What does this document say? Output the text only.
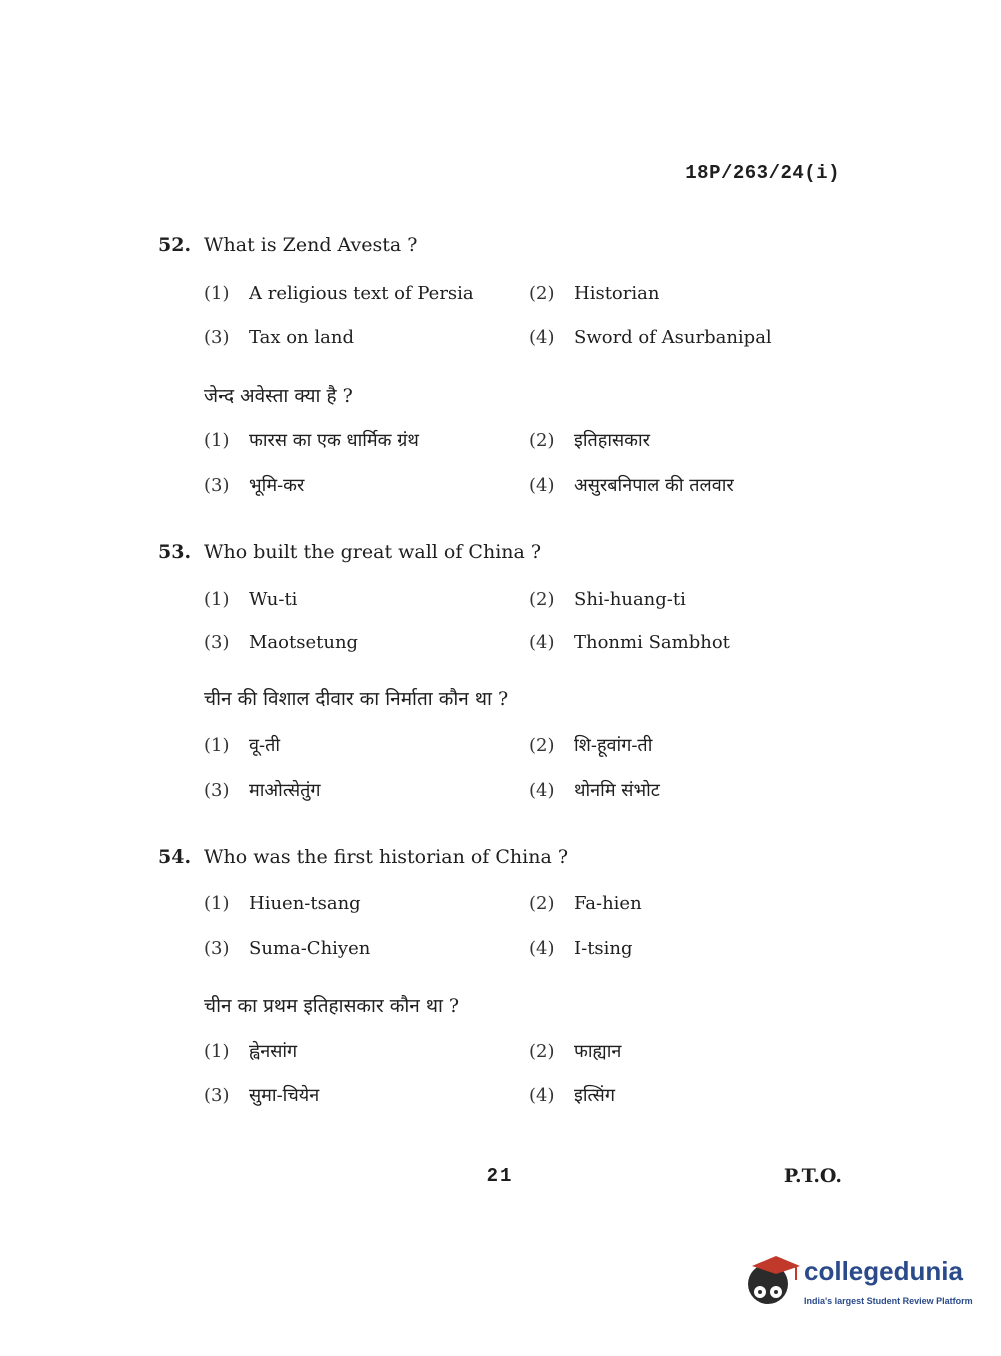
18P/263/24(i)
52. What is Zend Avesta ?
(1) A religious text of Persia	(2) Historian
(3) Tax on land	(4) Sword of Asurbanipal
जेन्द अवेस्ता क्या है ?
(1) फारस का एक धार्मिक ग्रंथ	(2) इतिहासकार
(3) भूमि-कर	(4) असुरबनिपाल की तलवार
53. Who built the great wall of China ?
(1) Wu-ti	(2) Shi-huang-ti
(3) Maotsetung	(4) Thonmi Sambhot
चीन की विशाल दीवार का निर्माता कौन था ?
(1) वू-ती	(2) शि-हूवांग-ती
(3) माओत्सेतुंग	(4) थोनमि संभोट
54. Who was the first historian of China ?
(1) Hiuen-tsang	(2) Fa-hien
(3) Suma-Chiyen	(4) I-tsing
चीन का प्रथम इतिहासकार कौन था ?
(1) ह्वेनसांग	(2) फाह्यान
(3) सुमा-चियेन	(4) इत्सिंग
21	P.T.O.
collegedunia
India's largest Student Review Platform
